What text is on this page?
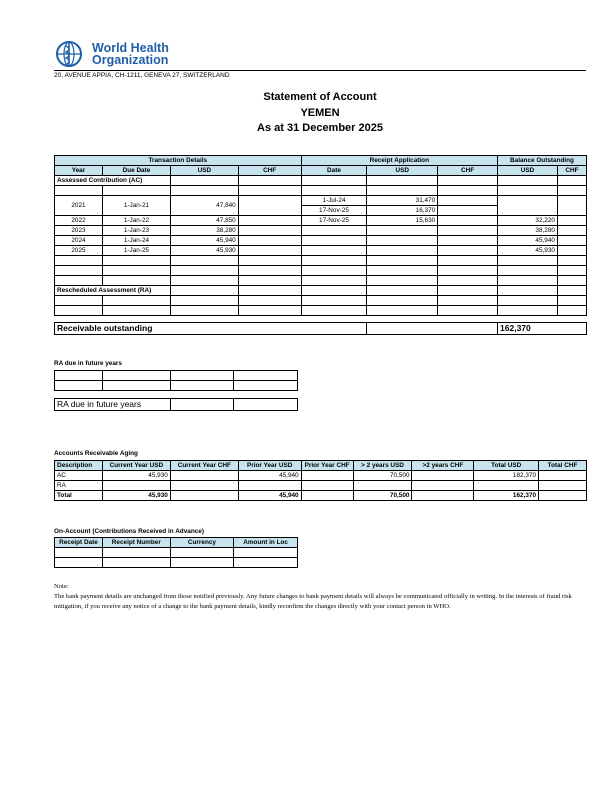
World Health
Organization
20, AVENUE APPIA, CH-1211, GENEVA 27, SWITZERLAND
Statement of Account
YEMEN
As at 31 December 2025
Transaction Details				Receipt Application			Balance Outstanding	
Year	Due Date	USD	CHF	Date	USD	CHF	USD	CHF
Assessed Contribution (AC)								

2021	1-Jan-21	47,840		1-Jul-24	31,470			
				17-Nov-25	16,370			
2022	1-Jan-22	47,850		17-Nov-25	15,630		32,220	
2023	1-Jan-23	38,280					38,280	
2024	1-Jan-24	45,940					45,940	
2025	1-Jan-25	45,930					45,930	

Rescheduled Assessment (RA)								

Receivable outstanding							162,370	
RA due in future years

RA due in future years		
Accounts Receivable Aging
Description	Current Year USD	Current Year CHF	Prior Year USD	Prior Year CHF	> 2 years USD	>2 years CHF	Total USD	Total CHF
AC	45,930		45,940		70,500		182,370	
RA								
Total	45,930		45,940		70,500		162,370	
On-Account (Contributions Received in Advance)
Receipt Date	Receipt Number	Currency	Amount in Loc

Note:
The bank payment details are unchanged from those notified previously. Any future changes to bank payment details will always be communicated officially in writing. In the interests of fraud risk mitigation, if you receive any notice of a change to the bank payment details, kindly reconfirm the changes directly with your contact person in WHO.
